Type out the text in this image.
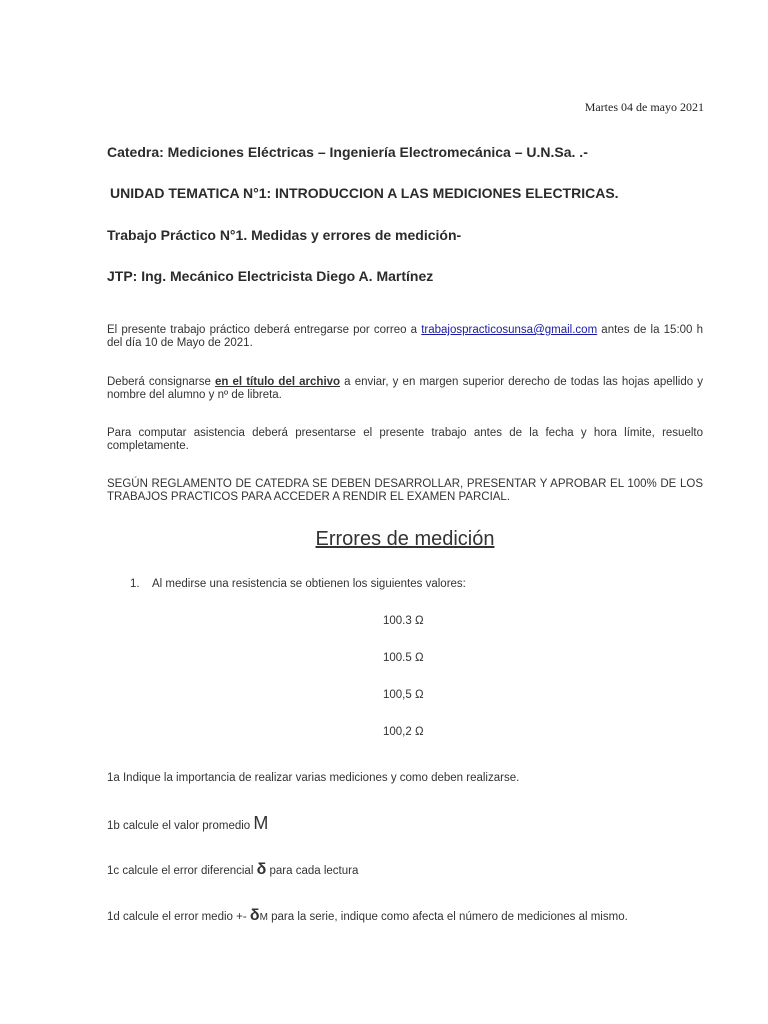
Martes 04 de mayo 2021
Catedra: Mediciones Eléctricas – Ingeniería Electromecánica – U.N.Sa. .-
UNIDAD TEMATICA N°1: INTRODUCCION A LAS MEDICIONES ELECTRICAS.
Trabajo Práctico N°1. Medidas y errores de medición-
JTP: Ing. Mecánico Electricista Diego A. Martínez
El presente trabajo práctico deberá entregarse por correo a trabajospracticosunsa@gmail.com antes de la 15:00 h del día 10 de Mayo de 2021.
Deberá consignarse en el título del archivo a enviar, y en margen superior derecho de todas las hojas apellido y nombre del alumno y nº de libreta.
Para computar asistencia deberá presentarse el presente trabajo antes de la fecha y hora límite, resuelto completamente.
SEGÚN REGLAMENTO DE CATEDRA SE DEBEN DESARROLLAR, PRESENTAR Y APROBAR EL 100% DE LOS TRABAJOS PRACTICOS PARA ACCEDER A RENDIR EL EXAMEN PARCIAL.
Errores de medición
1. Al medirse una resistencia se obtienen los siguientes valores:
100.3 Ω
100.5 Ω
100,5 Ω
100,2 Ω
1a Indique la importancia de realizar varias mediciones y como deben realizarse.
1b calcule el valor promedio M
1c calcule el error diferencial δ para cada lectura
1d calcule el error medio +- δM para la serie, indique como afecta el número de mediciones al mismo.
